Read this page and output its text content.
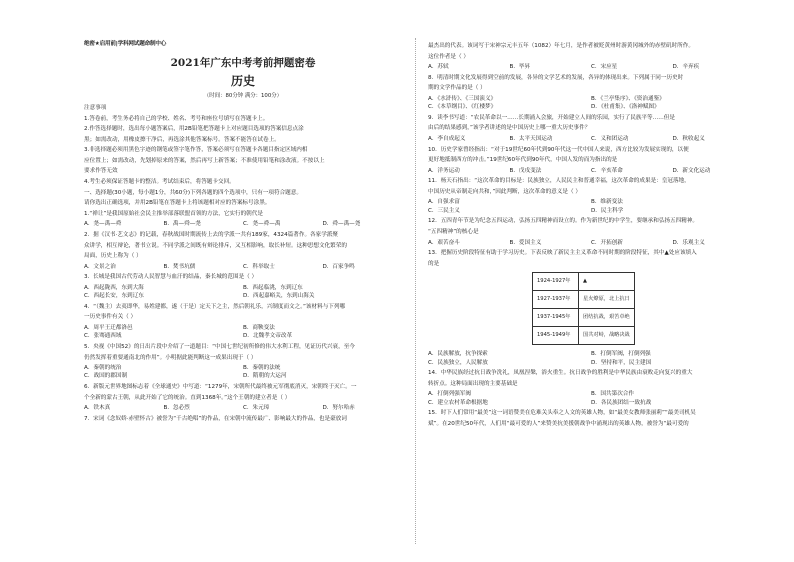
绝密★启用前|学科网试题命制中心
2021年广东中考考前押题密卷
历史
（时间：80分钟 满分：100分）

注意事项

1.答卷前，考生务必将自己的学校、姓名、考号和座位号填写在答题卡上。

2.作答选择题时，选出每小题答案后，用2B铅笔把答题卡上对应题目选项的答案信息点涂

黑；如需改动，用橡皮擦干净后，再选涂其他答案标号。答案不能答在试卷上。

3.非选择题必须用黑色字迹的钢笔或签字笔作答，答案必须写在答题卡各题目指定区域内相

应位置上；如需改动，先划掉原来的答案，然后再写上新答案；不准使用铅笔和涂改液。不按以上

要求作答无效

4.考生必须保证答题卡的整洁。考试结束后，将答题卡交回。

一、选择题(30小题，每小题1分，共60分)下列各题的四个选项中，只有一项符合题意。

请你选出正确选项，并用2B铅笔在答题卡上将该题相对应的答案标号涂黑。

1.“禅让”是我国原始社会民主推举部落联盟首领的方法，它实行的朝代是

A．尧—禹—舜	B．禹—舜—尧	C．尧—舜—禹	D．舜—禹—尧

2．据《汉书·艺文志》的记载，春秋战国时期流传上去的学派一共有189家，4324篇著作。各家学派聚

众讲学，相互辩论，著书立说。不同学派之间既有辩论排斥，又互相影响，取长补短。这种思想文化繁荣的

局面，历史上称为（ ）

A．文景之治	B．焚书坑儒	C．科举取士	D．百家争鸣

3．长城是我国古代劳动人民智慧与血汗的结晶，秦长城的范围是（ ）

A．西起陇西，东到大海	B．西起临洮，东到辽东
C．西起长安，东到辽东	D．西起嘉峪关，东到山海关

4．“（魏主）去夷即华，易姓建都，遂（于是）定天下之主，然后朝礼乐，兴制度而文之。”该材料与下列哪

一历史事件有关（ ）

A．周平王迁都洛邑	B．商鞅变法
C．张骞通西域	D．北魏孝文帝改革

5．央视《中国52》的日出片段中介绍了一道题目：“中国七世纪初所修的伟大水利工程，见证历代兴衰，至今

仍然发挥着重要通南北的作用”。小明据此能判断这一成果出现于（ ）

A．秦朝的统治	B．秦朝的法统
C．战国的郡国制	D．隋朝的大运河

6．新版元世界地图标志着《全球通史》中写道：“1279年，宋朝所代最终被元军彻底消灭，宋朝终于灭亡。一

个全新的蒙古王朝，从此开始了它的统治。直到1368年。”这个王朝的建立者是（ ）

A．铁木真	B．忽必烈	C．朱元璋	D．努尔哈赤

7．宋词《念奴娇·赤壁怀古》被誉为“千古绝唱”的作品，在宋朝中流传最广、影响最大的作品，也是豪放词

最杰出的代表。该词写于宋神宗元丰五年（1082）年七月，是作者被贬黄州时游黄冈城外的赤壁矶时所作。

这位作者是（ ）

A．苏轼	B．毕昇	C．宋应星	D．辛弃疾

8．明清时期文化发展得到空前的发展，各异的文学艺术的发展，各异的体现出来。下列属于同一历史时

期的文学作品的是（ ）

A．《水浒传》、《三国演义》	B．《兰亭集序》、《资治通鉴》
C．《本草纲目》、《红楼梦》	D．《杜甫集》、《洛神赋图》

9．读李书写道：“农民革命以一……长期涌入会旅，开始建立人间的乐园，实行了民族平等……但是

由后的结果感到，”该学者讲述的是中国历史上哪一重大历史事件？

A．李自成起义	B．太平天国运动	C．义和团运动	D．秋收起义

10．历史学家曾经指出：“对于19世纪60年代到90年代这一代中国人来说，西方比较为发展实现的，以便

更好地抵制西方的冲击。”19世纪60年代到90年代，中国人发的而为指出的是

A．洋务运动	B．戊戌变法	C．辛亥革命	D．新文化运动

11．杨天石指出：“这次革命的目标是：民族独立，人民民主和普通幸福，这次革命的成果是：皇冠落地，

中国历史从帝制走向共和，”因此判断，这次革命的意义是（ ）

A．自强求富	B．维新变法
C．三民主义	D．民主科学

12．五四青年节是为纪念五四运动，弘扬五四精神而设立的。作为新世纪的中学生，要继承和弘扬五四精神。

“五四精神”的核心是

A．艰苦奋斗	B．爱国主义	C．开拓创新	D．乐观主义

13．把握历史阶段特征有助于学习历史。下表反映了新民主主义革命不同时期的阶段特征，其中▲处应该填入

的是

1924-1927年	▲
1927-1937年	星火燎原，北上抗日
1937-1945年	团结抗战，艰苦卓绝
1945-1949年	国共对峙，战略决战
A．民族解放，抗争探索	B．打倒军阀，打倒列强
C．民族独立，人民解放	D．坚持和平，民主建国

14．中华民族经过抗日战争洗礼，凤凰涅槃，浴火重生。抗日战争的胜利是中华民族由衰败走向复兴的重大

转折点。这种局面出现的主要基础是

A．打倒列强军阀	B．国共第次合作
C．建立农村革命根据地	D．各民族团结一致抗战

15．时下人们常用“最美”这一词语赞美在危难关头奉之人文的英雄人物，如“最美女教师张丽莉”“最美司机吴

斌”。在20世纪50年代，人们用“最可爱的人”来赞美抗美援朝战争中涌现出的英雄人物，被誉为“最可爱的
